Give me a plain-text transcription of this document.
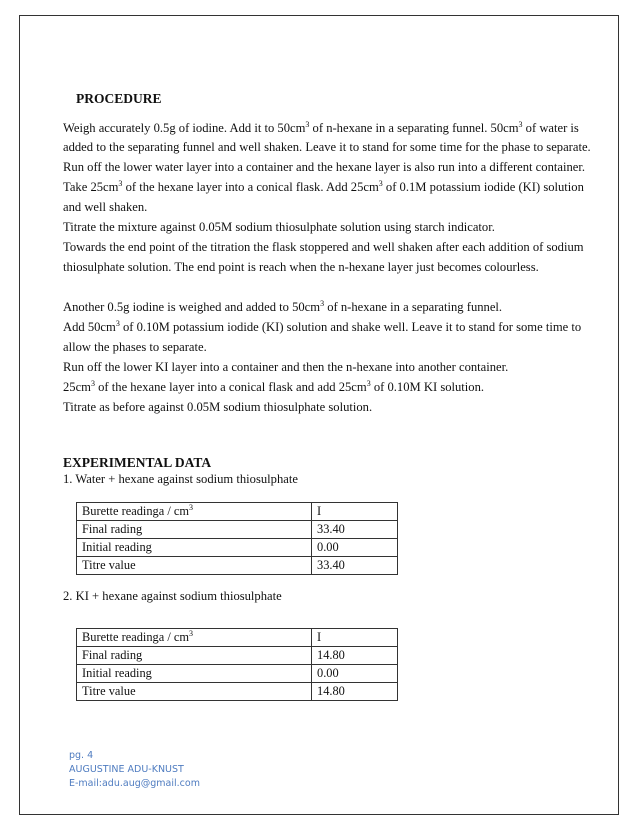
PROCEDURE
Weigh accurately 0.5g of iodine. Add it to $50cm^3$ of n-hexane in a separating funnel. $50cm^3$ of water is
added to the separating funnel and well shaken. Leave it to stand for some time for the phase to separate.
Run off the lower water layer into a container and the hexane layer is also run into a different container.
Take $25cm^3$ of the hexane layer into a conical flask. Add $25cm^3$ of 0.1M potassium iodide (KI) solution
and well shaken.
Titrate the mixture against 0.05M sodium thiosulphate solution using starch indicator.
Towards the end point of the titration the flask stoppered and well shaken after each addition of sodium
thiosulphate solution. The end point is reach when the n-hexane layer just becomes colourless.
Another 0.5g iodine is weighed and added to $50cm^3$ of n-hexane in a separating funnel.
Add $50cm^3$ of 0.10M potassium iodide (KI) solution and shake well. Leave it to stand for some time to
allow the phases to separate.
Run off the lower KI layer into a container and then the n-hexane into another container.
$25cm^3$ of the hexane layer into a conical flask and add $25cm^3$ of 0.10M KI solution.
Titrate as before against 0.05M sodium thiosulphate solution.
EXPERIMENTAL DATA
1. Water + hexane against sodium thiosulphate
Burette readinga / $cm^3$	I
Final rading	33.40
Initial reading	0.00
Titre value	33.40
2. KI + hexane against sodium thiosulphate
Burette readinga / $cm^3$	I
Final rading	14.80
Initial reading	0.00
Titre value	14.80
pg. 4
AUGUSTINE ADU-KNUST
E-mail:adu.aug@gmail.com
